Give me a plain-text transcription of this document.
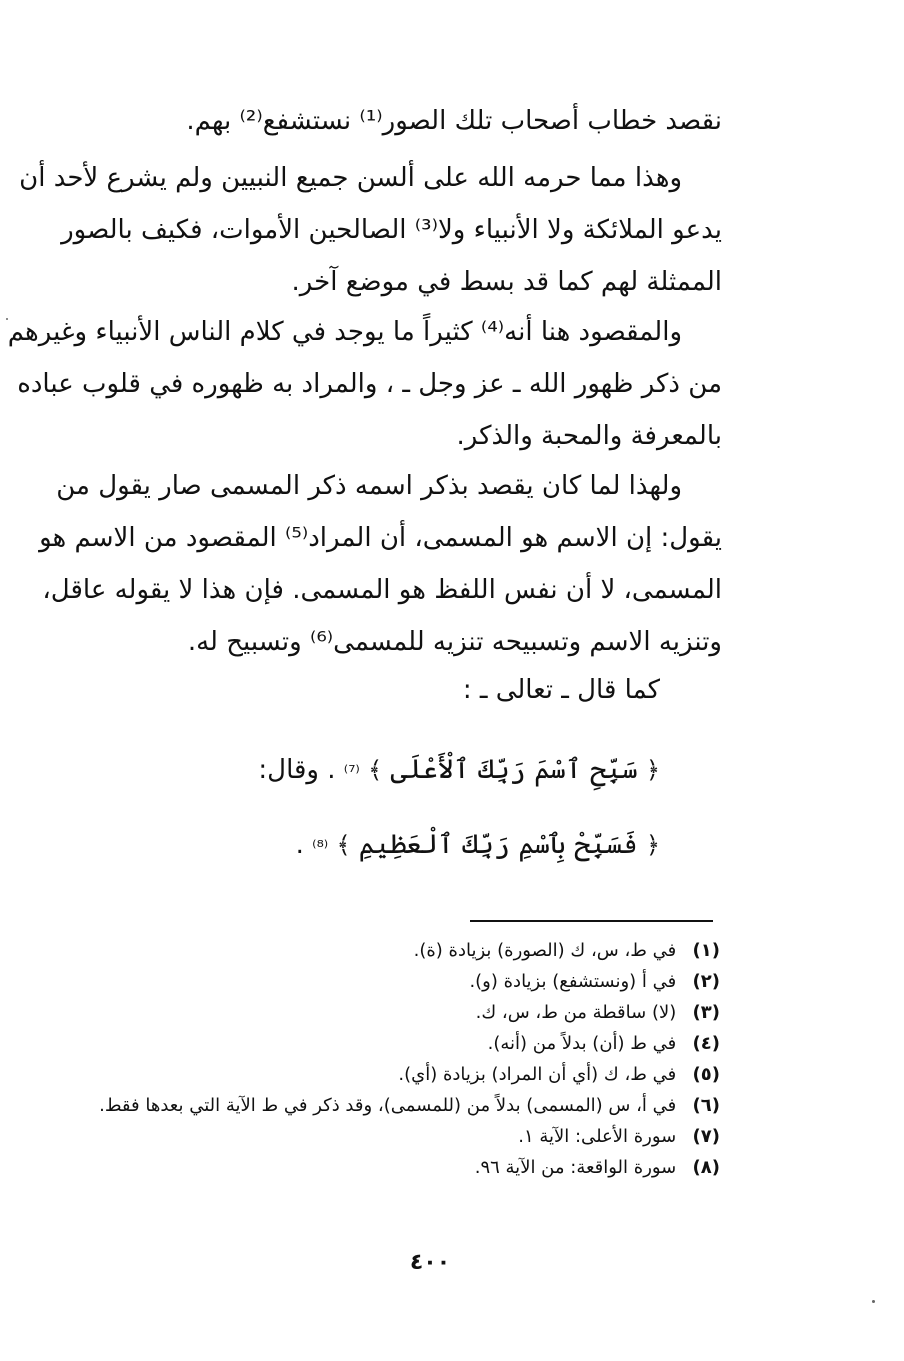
نقصد خطاب أصحاب تلك الصور⁽¹⁾ نستشفع⁽²⁾ بهم.
وهذا مما حرمه الله على ألسن جميع النبيين ولم يشرع لأحد أن
يدعو الملائكة ولا الأنبياء ولا⁽³⁾ الصالحين الأموات، فكيف بالصور
الممثلة لهم كما قد بسط في موضع آخر.
والمقصود هنا أنه⁽⁴⁾ كثيراً ما يوجد في كلام الناس الأنبياء وغيرهم
من ذكر ظهور الله ـ عز وجل ـ ، والمراد به ظهوره في قلوب عباده
بالمعرفة والمحبة والذكر.
ولهذا لما كان يقصد بذكر اسمه ذكر المسمى صار يقول من
يقول: إن الاسم هو المسمى، أن المراد⁽⁵⁾ المقصود من الاسم هو
المسمى، لا أن نفس اللفظ هو المسمى. فإن هذا لا يقوله عاقل،
وتنزيه الاسم وتسبيحه تنزيه للمسمى⁽⁶⁾ وتسبيح له.
كما قال ـ تعالى ـ :
﴿ سَبِّحِ ٱسْمَ رَبِّكَ ٱلْأَعْلَى ﴾ ⁽⁷⁾ . وقال:
﴿ فَسَبِّحْ بِٱسْمِ رَبِّكَ ٱلْعَظِيمِ ﴾ ⁽⁸⁾ .
(١) في ط، س، ك (الصورة) بزيادة (ة).
(٢) في أ (ونستشفع) بزيادة (و).
(٣) (لا) ساقطة من ط، س، ك.
(٤) في ط (أن) بدلاً من (أنه).
(٥) في ط، ك (أي أن المراد) بزيادة (أي).
(٦) في أ، س (المسمى) بدلاً من (للمسمى)، وقد ذكر في ط الآية التي بعدها فقط.
(٧) سورة الأعلى: الآية ١.
(٨) سورة الواقعة: من الآية ٩٦.
٤٠٠
